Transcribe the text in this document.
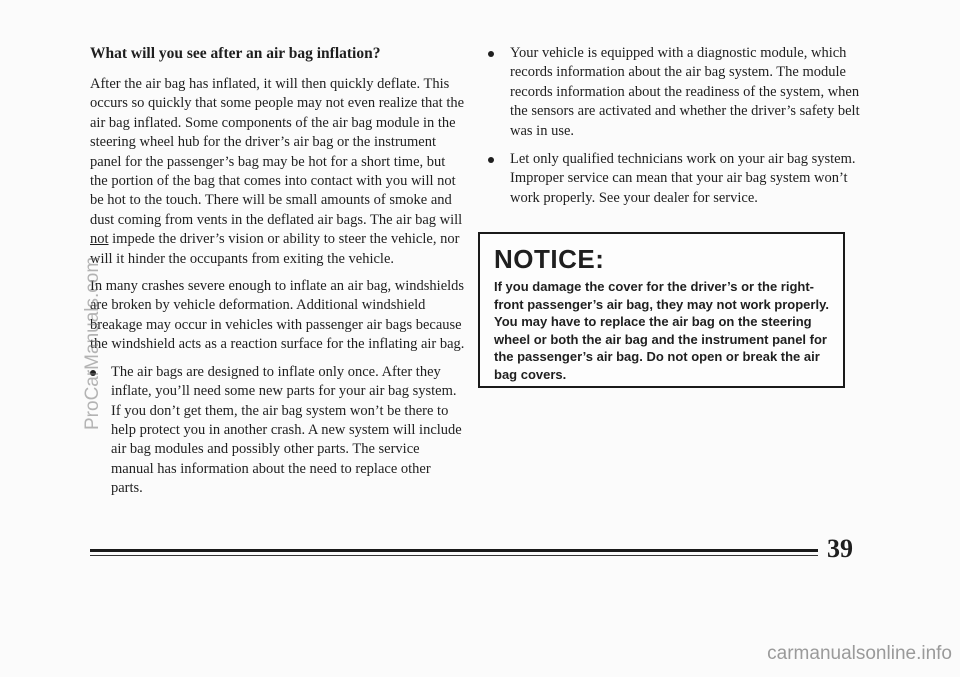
What will you see after an air bag inflation?

After the air bag has inflated, it will then quickly deflate. This occurs so quickly that some people may not even realize that the air bag inflated. Some components of the air bag module in the steering wheel hub for the driver’s air bag or the instrument panel for the passenger’s bag may be hot for a short time, but the portion of the bag that comes into contact with you will not be hot to the touch. There will be small amounts of smoke and dust coming from vents in the deflated air bags. The air bag will not impede the driver’s vision or ability to steer the vehicle, nor will it hinder the occupants from exiting the vehicle.

In many crashes severe enough to inflate an air bag, windshields are broken by vehicle deformation. Additional windshield breakage may occur in vehicles with passenger air bags because the windshield acts as a reaction surface for the inflating air bag.

The air bags are designed to inflate only once. After they inflate, you’ll need some new parts for your air bag system. If you don’t get them, the air bag system won’t be there to help protect you in another crash. A new system will include air bag modules and possibly other parts. The service manual has information about the need to replace other parts.
Your vehicle is equipped with a diagnostic module, which records information about the air bag system. The module records information about the readiness of the system, when the sensors are activated and whether the driver’s safety belt was in use.
Let only qualified technicians work on your air bag system. Improper service can mean that your air bag system won’t work properly. See your dealer for service.
NOTICE:

If you damage the cover for the driver’s or the right-front passenger’s air bag, they may not work properly. You may have to replace the air bag on the steering wheel or both the air bag and the instrument panel for the passenger’s air bag. Do not open or break the air bag covers.

39
ProCarManuals.com
carmanualsonline.info
